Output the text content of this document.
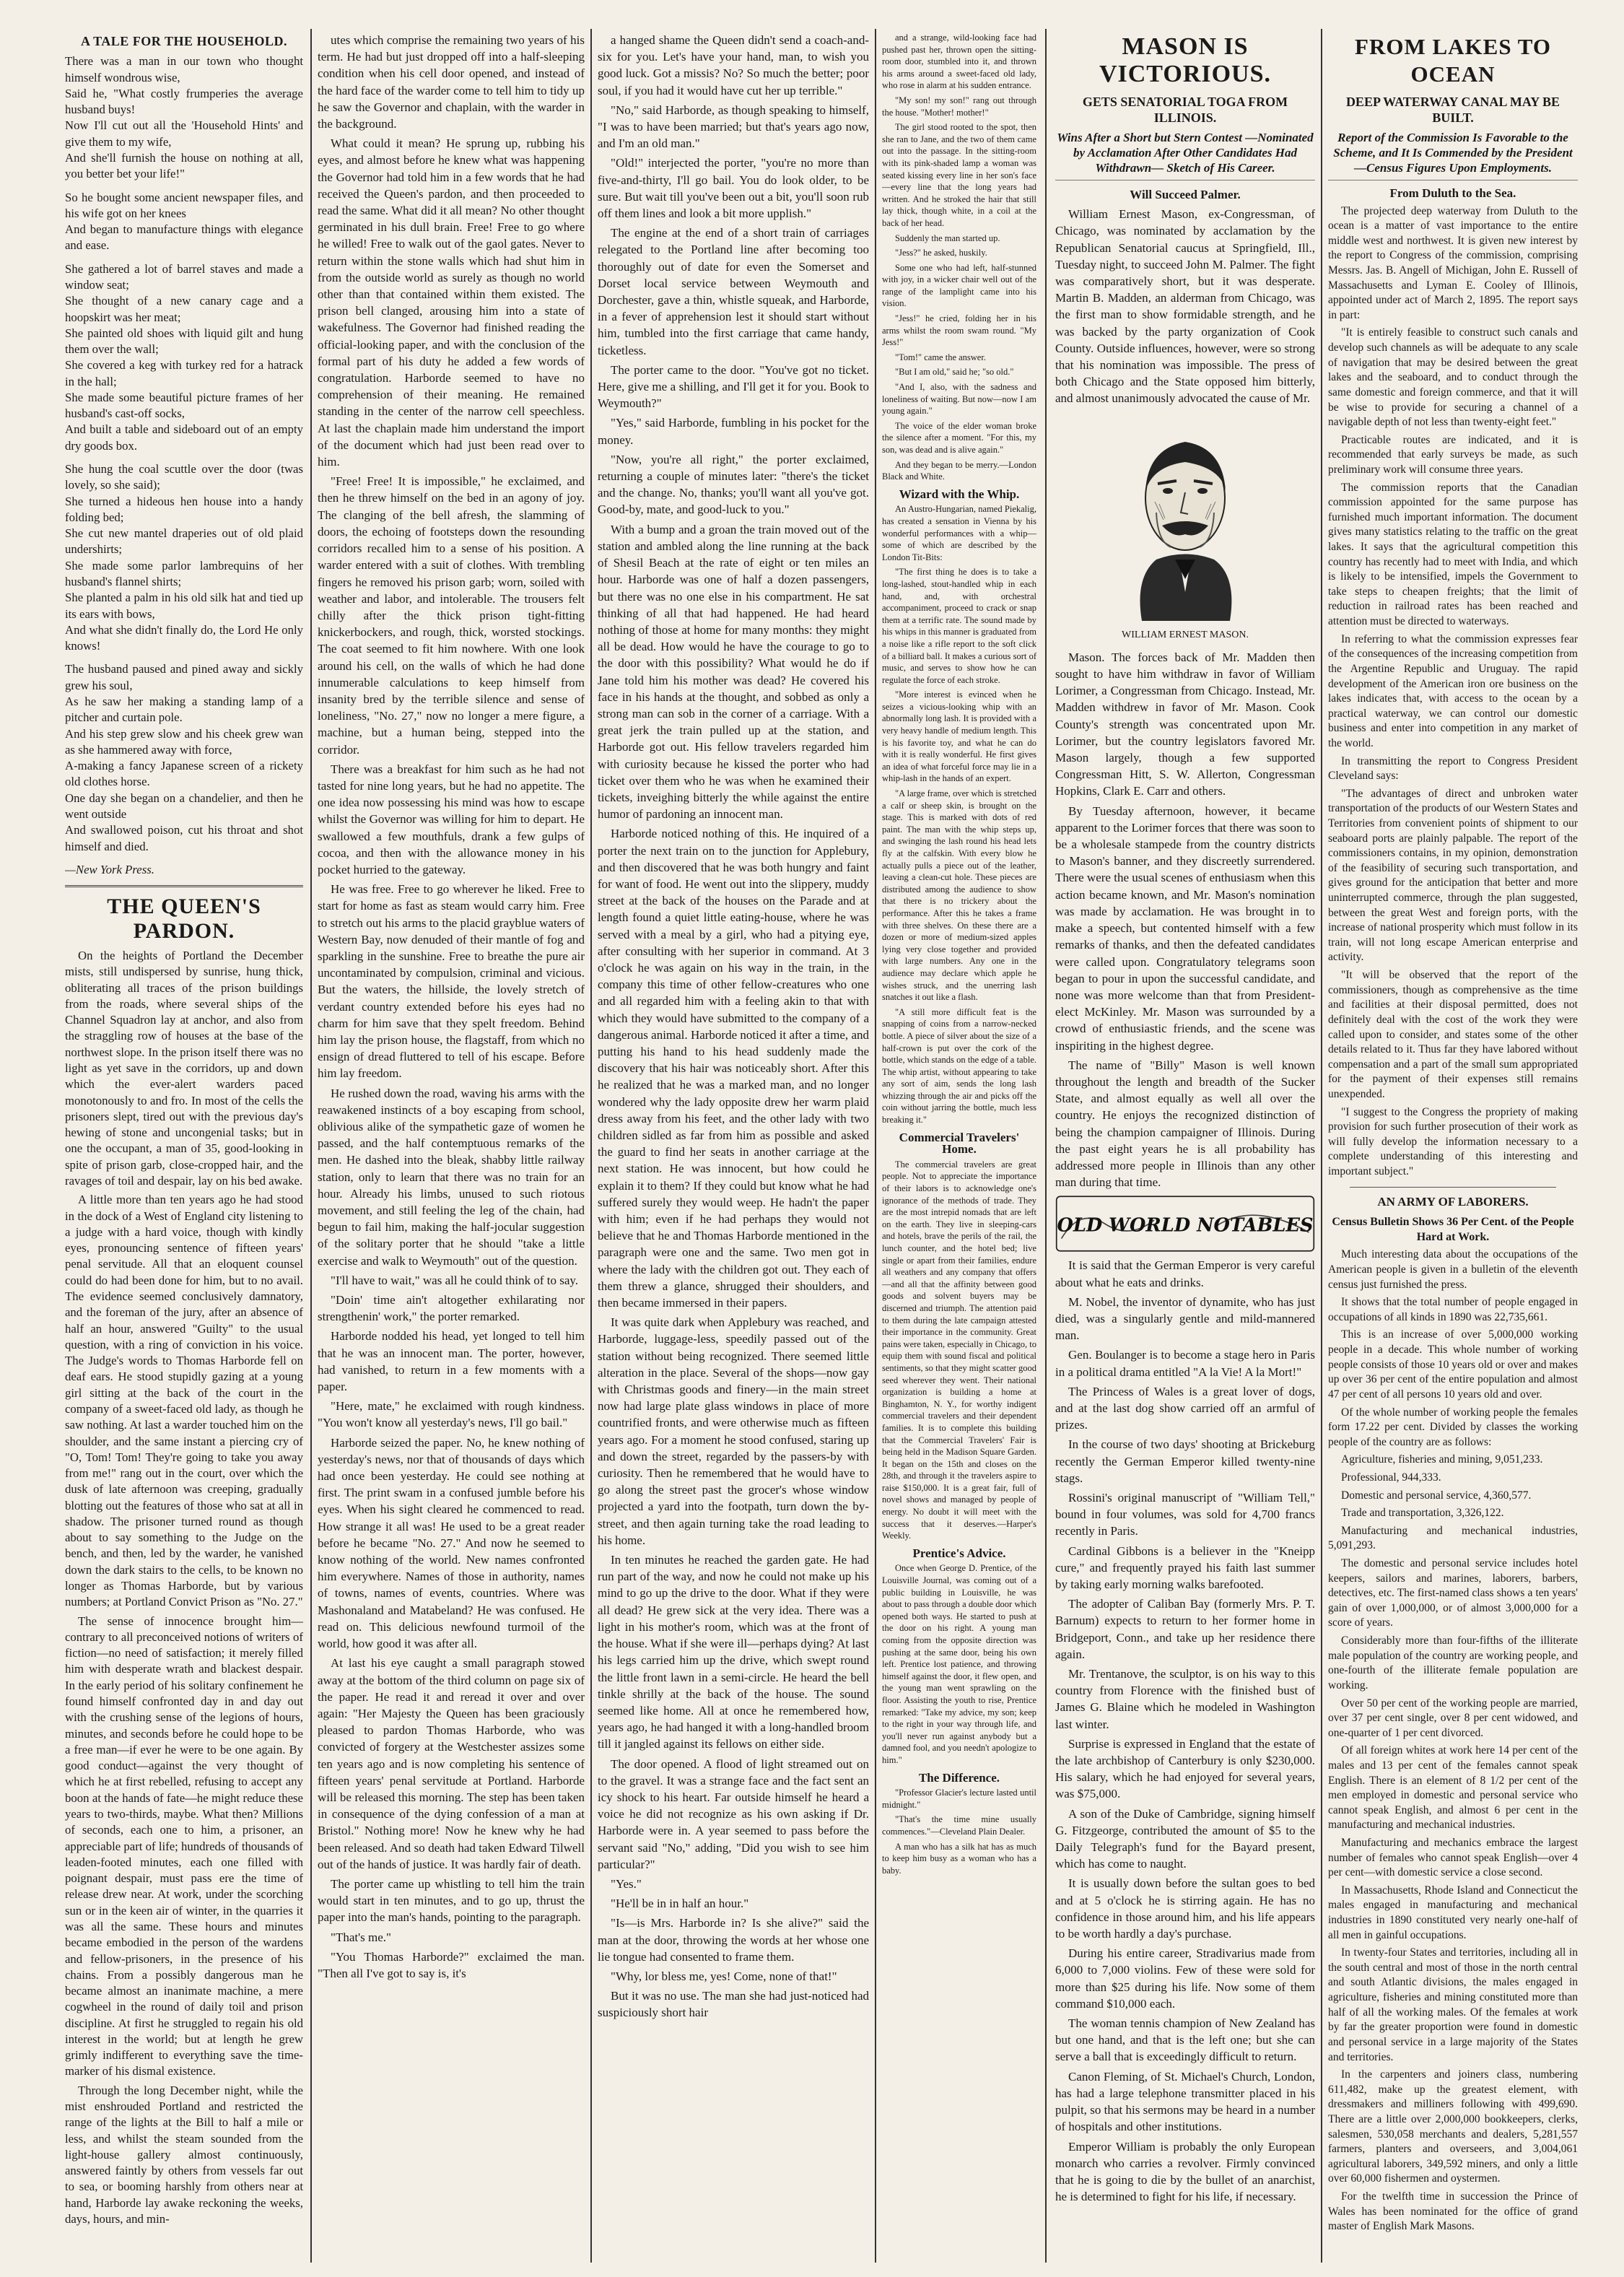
A TALE FOR THE HOUSEHOLD.

There was a man in our town who thought himself wondrous wise,

Said he, "What costly frumperies the average husband buys!

Now I'll cut out all the 'Household Hints' and give them to my wife,

And she'll furnish the house on nothing at all, you better bet your life!"

So he bought some ancient newspaper files, and his wife got on her knees

And began to manufacture things with elegance and ease.

She gathered a lot of barrel staves and made a window seat;

She thought of a new canary cage and a hoopskirt was her meat;

She painted old shoes with liquid gilt and hung them over the wall;

She covered a keg with turkey red for a hatrack in the hall;

She made some beautiful picture frames of her husband's cast-off socks,

And built a table and sideboard out of an empty dry goods box.

She hung the coal scuttle over the door (twas lovely, so she said);

She turned a hideous hen house into a handy folding bed;

She cut new mantel draperies out of old plaid undershirts;

She made some parlor lambrequins of her husband's flannel shirts;

She planted a palm in his old silk hat and tied up its ears with bows,

And what she didn't finally do, the Lord He only knows!

The husband paused and pined away and sickly grew his soul,

As he saw her making a standing lamp of a pitcher and curtain pole.

And his step grew slow and his cheek grew wan as she hammered away with force,

A-making a fancy Japanese screen of a rickety old clothes horse.

One day she began on a chandelier, and then he went outside

And swallowed poison, cut his throat and shot himself and died.

—New York Press.

THE QUEEN'S PARDON.

On the heights of Portland the December mists, still undispersed by sunrise, hung thick, obliterating all traces of the prison buildings from the roads, where several ships of the Channel Squadron lay at anchor, and also from the straggling row of houses at the base of the northwest slope. In the prison itself there was no light as yet save in the corridors, up and down which the ever-alert warders paced monotonously to and fro. In most of the cells the prisoners slept, tired out with the previous day's hewing of stone and uncongenial tasks; but in one the occupant, a man of 35, good-looking in spite of prison garb, close-cropped hair, and the ravages of toil and despair, lay on his bed awake.

A little more than ten years ago he had stood in the dock of a West of England city listening to a judge with a hard voice, though with kindly eyes, pronouncing sentence of fifteen years' penal servitude. All that an eloquent counsel could do had been done for him, but to no avail. The evidence seemed conclusively damnatory, and the foreman of the jury, after an absence of half an hour, answered "Guilty" to the usual question, with a ring of conviction in his voice. The Judge's words to Thomas Harborde fell on deaf ears. He stood stupidly gazing at a young girl sitting at the back of the court in the company of a sweet-faced old lady, as though he saw nothing. At last a warder touched him on the shoulder, and the same instant a piercing cry of "O, Tom! Tom! They're going to take you away from me!" rang out in the court, over which the dusk of late afternoon was creeping, gradually blotting out the features of those who sat at all in shadow. The prisoner turned round as though about to say something to the Judge on the bench, and then, led by the warder, he vanished down the dark stairs to the cells, to be known no longer as Thomas Harborde, but by various numbers; at Portland Convict Prison as "No. 27."

The sense of innocence brought him—contrary to all preconceived notions of writers of fiction—no need of satisfaction; it merely filled him with desperate wrath and blackest despair. In the early period of his solitary confinement he found himself confronted day in and day out with the crushing sense of the legions of hours, minutes, and seconds before he could hope to be a free man—if ever he were to be one again. By good conduct—against the very thought of which he at first rebelled, refusing to accept any boon at the hands of fate—he might reduce these years to two-thirds, maybe. What then? Millions of seconds, each one to him, a prisoner, an appreciable part of life; hundreds of thousands of leaden-footed minutes, each one filled with poignant despair, must pass ere the time of release drew near. At work, under the scorching sun or in the keen air of winter, in the quarries it was all the same. These hours and minutes became embodied in the person of the wardens and fellow-prisoners, in the presence of his chains. From a possibly dangerous man he became almost an inanimate machine, a mere cogwheel in the round of daily toil and prison discipline. At first he struggled to regain his old interest in the world; but at length he grew grimly indifferent to everything save the time-marker of his dismal existence.

Through the long December night, while the mist enshrouded Portland and restricted the range of the lights at the Bill to half a mile or less, and whilst the steam sounded from the light-house gallery almost continuously, answered faintly by others from vessels far out to sea, or booming harshly from others near at hand, Harborde lay awake reckoning the weeks, days, hours, and min-

utes which comprise the remaining two years of his term. He had but just dropped off into a half-sleeping condition when his cell door opened, and instead of the hard face of the warder come to tell him to tidy up he saw the Governor and chaplain, with the warder in the background.

What could it mean? He sprung up, rubbing his eyes, and almost before he knew what was happening the Governor had told him in a few words that he had received the Queen's pardon, and then proceeded to read the same. What did it all mean? No other thought germinated in his dull brain. Free! Free to go where he willed! Free to walk out of the gaol gates. Never to return within the stone walls which had shut him in from the outside world as surely as though no world other than that contained within them existed. The prison bell clanged, arousing him into a state of wakefulness. The Governor had finished reading the official-looking paper, and with the conclusion of the formal part of his duty he added a few words of congratulation. Harborde seemed to have no comprehension of their meaning. He remained standing in the center of the narrow cell speechless. At last the chaplain made him understand the import of the document which had just been read over to him.

"Free! Free! It is impossible," he exclaimed, and then he threw himself on the bed in an agony of joy. The clanging of the bell afresh, the slamming of doors, the echoing of footsteps down the resounding corridors recalled him to a sense of his position. A warder entered with a suit of clothes. With trembling fingers he removed his prison garb; worn, soiled with weather and labor, and intolerable. The trousers felt chilly after the thick prison tight-fitting knickerbockers, and rough, thick, worsted stockings. The coat seemed to fit him nowhere. With one look around his cell, on the walls of which he had done innumerable calculations to keep himself from insanity bred by the terrible silence and sense of loneliness, "No. 27," now no longer a mere figure, a machine, but a human being, stepped into the corridor.

There was a breakfast for him such as he had not tasted for nine long years, but he had no appetite. The one idea now possessing his mind was how to escape whilst the Governor was willing for him to depart. He swallowed a few mouthfuls, drank a few gulps of cocoa, and then with the allowance money in his pocket hurried to the gateway.

He was free. Free to go wherever he liked. Free to start for home as fast as steam would carry him. Free to stretch out his arms to the placid grayblue waters of Western Bay, now denuded of their mantle of fog and sparkling in the sunshine. Free to breathe the pure air uncontaminated by compulsion, criminal and vicious. But the waters, the hillside, the lovely stretch of verdant country extended before his eyes had no charm for him save that they spelt freedom. Behind him lay the prison house, the flagstaff, from which no ensign of dread fluttered to tell of his escape. Before him lay freedom.

He rushed down the road, waving his arms with the reawakened instincts of a boy escaping from school, oblivious alike of the sympathetic gaze of women he passed, and the half contemptuous remarks of the men. He dashed into the bleak, shabby little railway station, only to learn that there was no train for an hour. Already his limbs, unused to such riotous movement, and still feeling the leg of the chain, had begun to fail him, making the half-jocular suggestion of the solitary porter that he should "take a little exercise and walk to Weymouth" out of the question.

"I'll have to wait," was all he could think of to say.

"Doin' time ain't altogether exhilarating nor strengthenin' work," the porter remarked.

Harborde nodded his head, yet longed to tell him that he was an innocent man. The porter, however, had vanished, to return in a few moments with a paper.

"Here, mate," he exclaimed with rough kindness. "You won't know all yesterday's news, I'll go bail."

Harborde seized the paper. No, he knew nothing of yesterday's news, nor that of thousands of days which had once been yesterday. He could see nothing at first. The print swam in a confused jumble before his eyes. When his sight cleared he commenced to read. How strange it all was! He used to be a great reader before he became "No. 27." And now he seemed to know nothing of the world. New names confronted him everywhere. Names of those in authority, names of towns, names of events, countries. Where was Mashonaland and Matabeland? He was confused. He read on. This delicious newfound turmoil of the world, how good it was after all.

At last his eye caught a small paragraph stowed away at the bottom of the third column on page six of the paper. He read it and reread it over and over again: "Her Majesty the Queen has been graciously pleased to pardon Thomas Harborde, who was convicted of forgery at the Westchester assizes some ten years ago and is now completing his sentence of fifteen years' penal servitude at Portland. Harborde will be released this morning. The step has been taken in consequence of the dying confession of a man at Bristol." Nothing more! Now he knew why he had been released. And so death had taken Edward Tilwell out of the hands of justice. It was hardly fair of death.

The porter came up whistling to tell him the train would start in ten minutes, and to go up, thrust the paper into the man's hands, pointing to the paragraph.

"That's me."

"You Thomas Harborde?" exclaimed the man. "Then all I've got to say is, it's

a hanged shame the Queen didn't send a coach-and-six for you. Let's have your hand, man, to wish you good luck. Got a missis? No? So much the better; poor soul, if you had it would have cut her up terrible."

"No," said Harborde, as though speaking to himself, "I was to have been married; but that's years ago now, and I'm an old man."

"Old!" interjected the porter, "you're no more than five-and-thirty, I'll go bail. You do look older, to be sure. But wait till you've been out a bit, you'll soon rub off them lines and look a bit more upplish."

The engine at the end of a short train of carriages relegated to the Portland line after becoming too thoroughly out of date for even the Somerset and Dorset local service between Weymouth and Dorchester, gave a thin, whistle squeak, and Harborde, in a fever of apprehension lest it should start without him, tumbled into the first carriage that came handy, ticketless.

The porter came to the door. "You've got no ticket. Here, give me a shilling, and I'll get it for you. Book to Weymouth?"

"Yes," said Harborde, fumbling in his pocket for the money.

"Now, you're all right," the porter exclaimed, returning a couple of minutes later: "there's the ticket and the change. No, thanks; you'll want all you've got. Good-by, mate, and good-luck to you."

With a bump and a groan the train moved out of the station and ambled along the line running at the back of Shesil Beach at the rate of eight or ten miles an hour. Harborde was one of half a dozen passengers, but there was no one else in his compartment. He sat thinking of all that had happened. He had heard nothing of those at home for many months: they might all be dead. How would he have the courage to go to the door with this possibility? What would he do if Jane told him his mother was dead? He covered his face in his hands at the thought, and sobbed as only a strong man can sob in the corner of a carriage. With a great jerk the train pulled up at the station, and Harborde got out. His fellow travelers regarded him with curiosity because he kissed the porter who had ticket over them who he was when he examined their tickets, inveighing bitterly the while against the entire humor of pardoning an innocent man.

Harborde noticed nothing of this. He inquired of a porter the next train on to the junction for Applebury, and then discovered that he was both hungry and faint for want of food. He went out into the slippery, muddy street at the back of the houses on the Parade and at length found a quiet little eating-house, where he was served with a meal by a girl, who had a pitying eye, after consulting with her superior in command. At 3 o'clock he was again on his way in the train, in the company this time of other fellow-creatures who one and all regarded him with a feeling akin to that with which they would have submitted to the company of a dangerous animal. Harborde noticed it after a time, and putting his hand to his head suddenly made the discovery that his hair was noticeably short. After this he realized that he was a marked man, and no longer wondered why the lady opposite drew her warm plaid dress away from his feet, and the other lady with two children sidled as far from him as possible and asked the guard to find her seats in another carriage at the next station. He was innocent, but how could he explain it to them? If they could but know what he had suffered surely they would weep. He hadn't the paper with him; even if he had perhaps they would not believe that he and Thomas Harborde mentioned in the paragraph were one and the same. Two men got in where the lady with the children got out. They each of them threw a glance, shrugged their shoulders, and then became immersed in their papers.

It was quite dark when Applebury was reached, and Harborde, luggage-less, speedily passed out of the station without being recognized. There seemed little alteration in the place. Several of the shops—now gay with Christmas goods and finery—in the main street now had large plate glass windows in place of more countrified fronts, and were otherwise much as fifteen years ago. For a moment he stood confused, staring up and down the street, regarded by the passers-by with curiosity. Then he remembered that he would have to go along the street past the grocer's whose window projected a yard into the footpath, turn down the by-street, and then again turning take the road leading to his home.

In ten minutes he reached the garden gate. He had run part of the way, and now he could not make up his mind to go up the drive to the door. What if they were all dead? He grew sick at the very idea. There was a light in his mother's room, which was at the front of the house. What if she were ill—perhaps dying? At last his legs carried him up the drive, which swept round the little front lawn in a semi-circle. He heard the bell tinkle shrilly at the back of the house. The sound seemed like home. All at once he remembered how, years ago, he had hanged it with a long-handled broom till it jangled against its fellows on either side.

The door opened. A flood of light streamed out on to the gravel. It was a strange face and the fact sent an icy shock to his heart. Far outside himself he heard a voice he did not recognize as his own asking if Dr. Harborde were in. A year seemed to pass before the servant said "No," adding, "Did you wish to see him particular?"

"Yes."

"He'll be in in half an hour."

"Is—is Mrs. Harborde in? Is she alive?" said the man at the door, throwing the words at her whose one lie tongue had consented to frame them.

"Why, lor bless me, yes! Come, none of that!"

But it was no use. The man she had just-noticed had suspiciously short hair

and a strange, wild-looking face had pushed past her, thrown open the sitting-room door, stumbled into it, and thrown his arms around a sweet-faced old lady, who rose in alarm at his sudden entrance.

"My son! my son!" rang out through the house. "Mother! mother!"

The girl stood rooted to the spot, then she ran to Jane, and the two of them came out into the passage. In the sitting-room with its pink-shaded lamp a woman was seated kissing every line in her son's face—every line that the long years had written. And he stroked the hair that still lay thick, though white, in a coil at the back of her head.

Suddenly the man started up.

"Jess?" he asked, huskily.

Some one who had left, half-stunned with joy, in a wicker chair well out of the range of the lamplight came into his vision.

"Jess!" he cried, folding her in his arms whilst the room swam round. "My Jess!"

"Tom!" came the answer.

"But I am old," said he; "so old."

"And I, also, with the sadness and loneliness of waiting. But now—now I am young again."

The voice of the elder woman broke the silence after a moment. "For this, my son, was dead and is alive again."

And they began to be merry.—London Black and White.

Wizard with the Whip.

An Austro-Hungarian, named Piekalig, has created a sensation in Vienna by his wonderful performances with a whip—some of which are described by the London Tit-Bits:

"The first thing he does is to take a long-lashed, stout-handled whip in each hand, and, with orchestral accompaniment, proceed to crack or snap them at a terrific rate. The sound made by his whips in this manner is graduated from a noise like a rifle report to the soft click of a billiard ball. It makes a curious sort of music, and serves to show how he can regulate the force of each stroke.

"More interest is evinced when he seizes a vicious-looking whip with an abnormally long lash. It is provided with a very heavy handle of medium length. This is his favorite toy, and what he can do with it is really wonderful. He first gives an idea of what forceful force may lie in a whip-lash in the hands of an expert.

"A large frame, over which is stretched a calf or sheep skin, is brought on the stage. This is marked with dots of red paint. The man with the whip steps up, and swinging the lash round his head lets fly at the calfskin. With every blow he actually pulls a piece out of the leather, leaving a clean-cut hole. These pieces are distributed among the audience to show that there is no trickery about the performance. After this he takes a frame with three shelves. On these there are a dozen or more of medium-sized apples lying very close together and provided with large numbers. Any one in the audience may declare which apple he wishes struck, and the unerring lash snatches it out like a flash.

"A still more difficult feat is the snapping of coins from a narrow-necked bottle. A piece of silver about the size of a half-crown is put over the cork of the bottle, which stands on the edge of a table. The whip artist, without appearing to take any sort of aim, sends the long lash whizzing through the air and picks off the coin without jarring the bottle, much less breaking it."

Commercial Travelers' Home.

The commercial travelers are great people. Not to appreciate the importance of their labors is to acknowledge one's ignorance of the methods of trade. They are the most intrepid nomads that are left on the earth. They live in sleeping-cars and hotels, brave the perils of the rail, the lunch counter, and the hotel bed; live single or apart from their families, endure all weathers and any company that offers—and all that the affinity between good goods and solvent buyers may be discerned and triumph. The attention paid to them during the late campaign attested their importance in the community. Great pains were taken, especially in Chicago, to equip them with sound fiscal and political sentiments, so that they might scatter good seed wherever they went. Their national organization is building a home at Binghamton, N. Y., for worthy indigent commercial travelers and their dependent families. It is to complete this building that the Commercial Travelers' Fair is being held in the Madison Square Garden. It began on the 15th and closes on the 28th, and through it the travelers aspire to raise $150,000. It is a great fair, full of novel shows and managed by people of energy. No doubt it will meet with the success that it deserves.—Harper's Weekly.

Prentice's Advice.

Once when George D. Prentice, of the Louisville Journal, was coming out of a public building in Louisville, he was about to pass through a double door which opened both ways. He started to push at the door on his right. A young man coming from the opposite direction was pushing at the same door, being his own left. Prentice lost patience, and throwing himself against the door, it flew open, and the young man went sprawling on the floor. Assisting the youth to rise, Prentice remarked: "Take my advice, my son; keep to the right in your way through life, and you'll never run against anybody but a damned fool, and you needn't apologize to him."

The Difference.

"Professor Glacier's lecture lasted until midnight."

"That's the time mine usually commences."—Cleveland Plain Dealer.

A man who has a silk hat has as much to keep him busy as a woman who has a baby.

MASON IS VICTORIOUS.
GETS SENATORIAL TOGA FROM ILLINOIS.
Wins After a Short but Stern Contest —Nominated by Acclamation After Other Candidates Had Withdrawn— Sketch of His Career.
Will Succeed Palmer.

William Ernest Mason, ex-Congressman, of Chicago, was nominated by acclamation by the Republican Senatorial caucus at Springfield, Ill., Tuesday night, to succeed John M. Palmer. The fight was comparatively short, but it was desperate. Martin B. Madden, an alderman from Chicago, was the first man to show formidable strength, and he was backed by the party organization of Cook County. Outside influences, however, were so strong that his nomination was impossible. The press of both Chicago and the State opposed him bitterly, and almost unanimously advocated the cause of Mr.

WILLIAM ERNEST MASON.

Mason. The forces back of Mr. Madden then sought to have him withdraw in favor of William Lorimer, a Congressman from Chicago. Instead, Mr. Madden withdrew in favor of Mr. Mason. Cook County's strength was concentrated upon Mr. Lorimer, but the country legislators favored Mr. Mason largely, though a few supported Congressman Hitt, S. W. Allerton, Congressman Hopkins, Clark E. Carr and others.

By Tuesday afternoon, however, it became apparent to the Lorimer forces that there was soon to be a wholesale stampede from the country districts to Mason's banner, and they discreetly surrendered. There were the usual scenes of enthusiasm when this action became known, and Mr. Mason's nomination was made by acclamation. He was brought in to make a speech, but contented himself with a few remarks of thanks, and then the defeated candidates were called upon. Congratulatory telegrams soon began to pour in upon the successful candidate, and none was more welcome than that from President-elect McKinley. Mr. Mason was surrounded by a crowd of enthusiastic friends, and the scene was inspiriting in the highest degree.

The name of "Billy" Mason is well known throughout the length and breadth of the Sucker State, and almost equally as well all over the country. He enjoys the recognized distinction of being the champion campaigner of Illinois. During the past eight years he is all probability has addressed more people in Illinois than any other man during that time.

OLD WORLD NOTABLES

It is said that the German Emperor is very careful about what he eats and drinks.

M. Nobel, the inventor of dynamite, who has just died, was a singularly gentle and mild-mannered man.

Gen. Boulanger is to become a stage hero in Paris in a political drama entitled "A la Vie! A la Mort!"

The Princess of Wales is a great lover of dogs, and at the last dog show carried off an armful of prizes.

In the course of two days' shooting at Brickeburg recently the German Emperor killed twenty-nine stags.

Rossini's original manuscript of "William Tell," bound in four volumes, was sold for 4,700 francs recently in Paris.

Cardinal Gibbons is a believer in the "Kneipp cure," and frequently prayed his faith last summer by taking early morning walks barefooted.

The adopter of Caliban Bay (formerly Mrs. P. T. Barnum) expects to return to her former home in Bridgeport, Conn., and take up her residence there again.

Mr. Trentanove, the sculptor, is on his way to this country from Florence with the finished bust of James G. Blaine which he modeled in Washington last winter.

Surprise is expressed in England that the estate of the late archbishop of Canterbury is only $230,000. His salary, which he had enjoyed for several years, was $75,000.

A son of the Duke of Cambridge, signing himself G. Fitzgeorge, contributed the amount of $5 to the Daily Telegraph's fund for the Bayard present, which has come to naught.

It is usually down before the sultan goes to bed and at 5 o'clock he is stirring again. He has no confidence in those around him, and his life appears to be worth hardly a day's purchase.

During his entire career, Stradivarius made from 6,000 to 7,000 violins. Few of these were sold for more than $25 during his life. Now some of them command $10,000 each.

The woman tennis champion of New Zealand has but one hand, and that is the left one; but she can serve a ball that is exceedingly difficult to return.

Canon Fleming, of St. Michael's Church, London, has had a large telephone transmitter placed in his pulpit, so that his sermons may be heard in a number of hospitals and other institutions.

Emperor William is probably the only European monarch who carries a revolver. Firmly convinced that he is going to die by the bullet of an anarchist, he is determined to fight for his life, if necessary.

FROM LAKES TO OCEAN
DEEP WATERWAY CANAL MAY BE BUILT.
Report of the Commission Is Favorable to the Scheme, and It Is Commended by the President—Census Figures Upon Employments.
From Duluth to the Sea.

The projected deep waterway from Duluth to the ocean is a matter of vast importance to the entire middle west and northwest. It is given new interest by the report to Congress of the commission, comprising Messrs. Jas. B. Angell of Michigan, John E. Russell of Massachusetts and Lyman E. Cooley of Illinois, appointed under act of March 2, 1895. The report says in part:

"It is entirely feasible to construct such canals and develop such channels as will be adequate to any scale of navigation that may be desired between the great lakes and the seaboard, and to conduct through the same domestic and foreign commerce, and that it will be wise to provide for securing a channel of a navigable depth of not less than twenty-eight feet."

Practicable routes are indicated, and it is recommended that early surveys be made, as such preliminary work will consume three years.

The commission reports that the Canadian commission appointed for the same purpose has furnished much important information. The document gives many statistics relating to the traffic on the great lakes. It says that the agricultural competition this country has recently had to meet with India, and which is likely to be intensified, impels the Government to take steps to cheapen freights; that the limit of reduction in railroad rates has been reached and attention must be directed to waterways.

In referring to what the commission expresses fear of the consequences of the increasing competition from the Argentine Republic and Uruguay. The rapid development of the American iron ore business on the lakes indicates that, with access to the ocean by a practical waterway, we can control our domestic business and enter into competition in any market of the world.

In transmitting the report to Congress President Cleveland says:

"The advantages of direct and unbroken water transportation of the products of our Western States and Territories from convenient points of shipment to our seaboard ports are plainly palpable. The report of the commissioners contains, in my opinion, demonstration of the feasibility of securing such transportation, and gives ground for the anticipation that better and more uninterrupted commerce, through the plan suggested, between the great West and foreign ports, with the increase of national prosperity which must follow in its train, will not long escape American enterprise and activity.

"It will be observed that the report of the commissioners, though as comprehensive as the time and facilities at their disposal permitted, does not definitely deal with the cost of the work they were called upon to consider, and states some of the other details related to it. Thus far they have labored without compensation and a part of the small sum appropriated for the payment of their expenses still remains unexpended.

"I suggest to the Congress the propriety of making provision for such further prosecution of their work as will fully develop the information necessary to a complete understanding of this interesting and important subject."

AN ARMY OF LABORERS.
Census Bulletin Shows 36 Per Cent. of the People Hard at Work.

Much interesting data about the occupations of the American people is given in a bulletin of the eleventh census just furnished the press.

It shows that the total number of people engaged in occupations of all kinds in 1890 was 22,735,661.

This is an increase of over 5,000,000 working people in a decade. This whole number of working people consists of those 10 years old or over and makes up over 36 per cent of the entire population and almost 47 per cent of all persons 10 years old and over.

Of the whole number of working people the females form 17.22 per cent. Divided by classes the working people of the country are as follows:

Agriculture, fisheries and mining, 9,051,233.

Professional, 944,333.

Domestic and personal service, 4,360,577.

Trade and transportation, 3,326,122.

Manufacturing and mechanical industries, 5,091,293.

The domestic and personal service includes hotel keepers, sailors and marines, laborers, barbers, detectives, etc. The first-named class shows a ten years' gain of over 1,000,000, or of almost 3,000,000 for a score of years.

Considerably more than four-fifths of the illiterate male population of the country are working people, and one-fourth of the illiterate female population are working.

Over 50 per cent of the working people are married, over 37 per cent single, over 8 per cent widowed, and one-quarter of 1 per cent divorced.

Of all foreign whites at work here 14 per cent of the males and 13 per cent of the females cannot speak English. There is an element of 8 1/2 per cent of the men employed in domestic and personal service who cannot speak English, and almost 6 per cent in the manufacturing and mechanical industries.

Manufacturing and mechanics embrace the largest number of females who cannot speak English—over 4 per cent—with domestic service a close second.

In Massachusetts, Rhode Island and Connecticut the males engaged in manufacturing and mechanical industries in 1890 constituted very nearly one-half of all men in gainful occupations.

In twenty-four States and territories, including all in the south central and most of those in the north central and south Atlantic divisions, the males engaged in agriculture, fisheries and mining constituted more than half of all the working males. Of the females at work by far the greater proportion were found in domestic and personal service in a large majority of the States and territories.

In the carpenters and joiners class, numbering 611,482, make up the greatest element, with dressmakers and milliners following with 499,690. There are a little over 2,000,000 bookkeepers, clerks, salesmen, 530,058 merchants and dealers, 5,281,557 farmers, planters and overseers, and 3,004,061 agricultural laborers, 349,592 miners, and only a little over 60,000 fishermen and oystermen.

For the twelfth time in succession the Prince of Wales has been nominated for the office of grand master of English Mark Masons.
